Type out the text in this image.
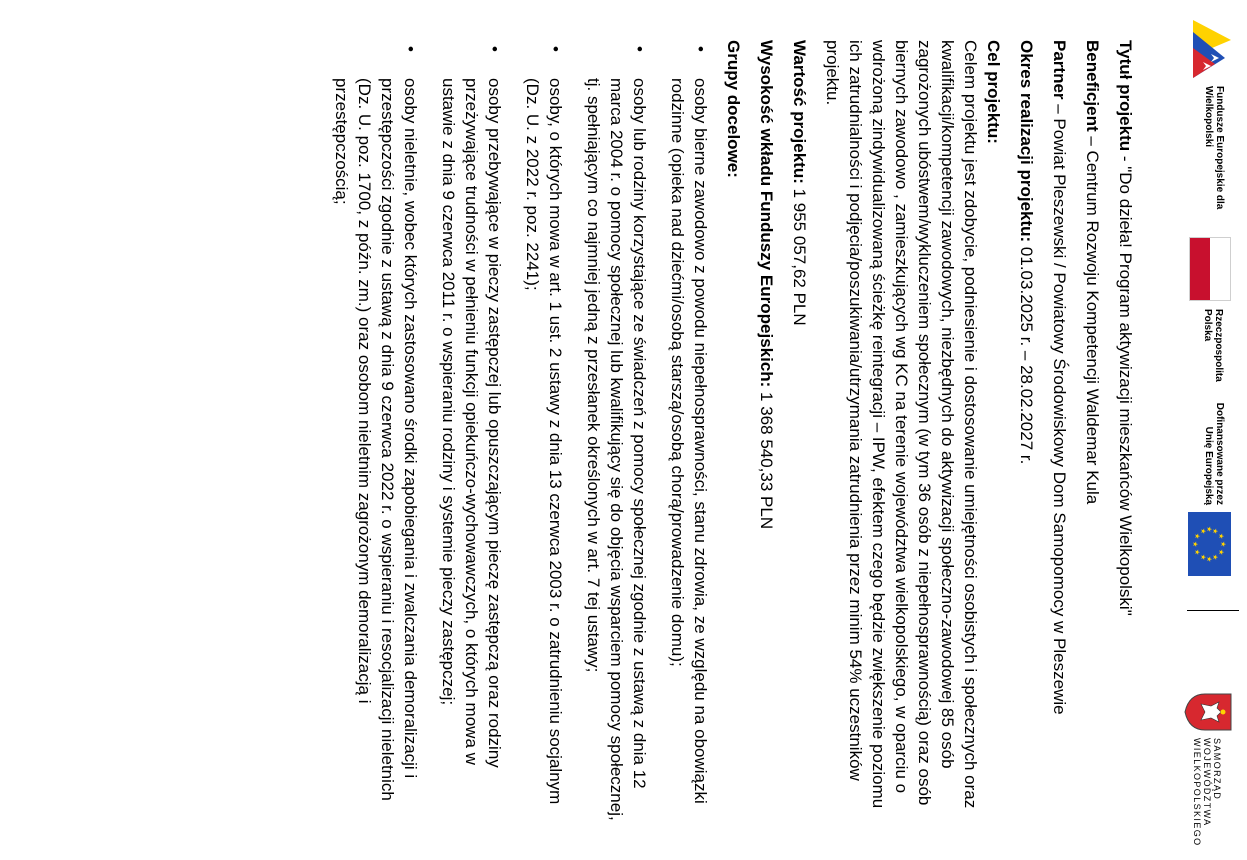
Fundusze Europejskie dla Wielkopolski
Rzeczpospolita Polska
Dofinansowane przez Unię Europejską
★
★
★
★
★
★
★
★
★ ★ ★
★
SAMORZĄD WOJEWÓDZTWA WIELKOPOLSKIEGO

Tytuł projektu - "Do dzieła! Program aktywizacji mieszkańców Wielkopolski"

Beneficjent – Centrum Rozwoju Kompetencji Waldemar Kula

Partner – Powiat Pleszewski / Powiatowy Środowiskowy Dom Samopomocy w Pleszewie

Okres realizacji projektu: 01.03.2025 r. – 28.02.2027 r.

Cel projektu:
Celem projektu jest zdobycie, podniesienie i dostosowanie umiejętności osobistych i społecznych oraz kwalifikacji/kompetencji zawodowych, niezbędnych do aktywizacji społeczno-zawodowej 85 osób zagrożonych ubóstwem/wykluczeniem społecznym (w tym 36 osób z niepełnosprawnością) oraz osób biernych zawodowo , zamieszkujących wg KC na terenie województwa wielkopolskiego, w oparciu o wdrożoną zindywidualizowaną ścieżkę reintegracji – IPW, efektem czego będzie zwiększenie poziomu ich zatrudnialności i podjęcia/poszukiwania/utrzymania zatrudnienia przez minim 54% uczestników projektu.

Wartość projektu: 1 955 057,62 PLN

Wysokość wkładu Funduszy Europejskich: 1 368 540,33 PLN

Grupy docelowe:

•
osoby bierne zawodowo z powodu niepełnosprawności, stanu zdrowia, ze względu na obowiązki rodzinne (opieka nad dziećmi/osobą starszą/osobą chorą/prowadzenie domu);
•
osoby lub rodziny korzystające ze świadczeń z pomocy społecznej zgodnie z ustawą z dnia 12 marca 2004 r. o pomocy społecznej lub kwalifikujący się do objęcia wsparciem pomocy społecznej, tj. spełniającym co najmniej jedną z przesłanek określonych w art. 7 tej ustawy;
•
osoby, o których mowa w art. 1 ust. 2 ustawy z dnia 13 czerwca 2003 r. o zatrudnieniu socjalnym (Dz. U. z 2022 r. poz. 2241);
•
osoby przebywające w pieczy zastępczej lub opuszczającym pieczę zastępczą oraz rodziny przeżywające trudności w pełnieniu funkcji opiekuńczo-wychowawczych, o których mowa w ustawie z dnia 9 czerwca 2011 r. o wspieraniu rodziny i systemie pieczy zastępczej;
•
osoby nieletnie, wobec których zastosowano środki zapobiegania i zwalczania demoralizacji i przestępczości zgodnie z ustawą z dnia 9 czerwca 2022 r. o wspieraniu i resocjalizacji nieletnich (Dz. U. poz. 1700, z późn. zm.) oraz osobom nieletnim zagrożonym demoralizacją i przestępczością;
